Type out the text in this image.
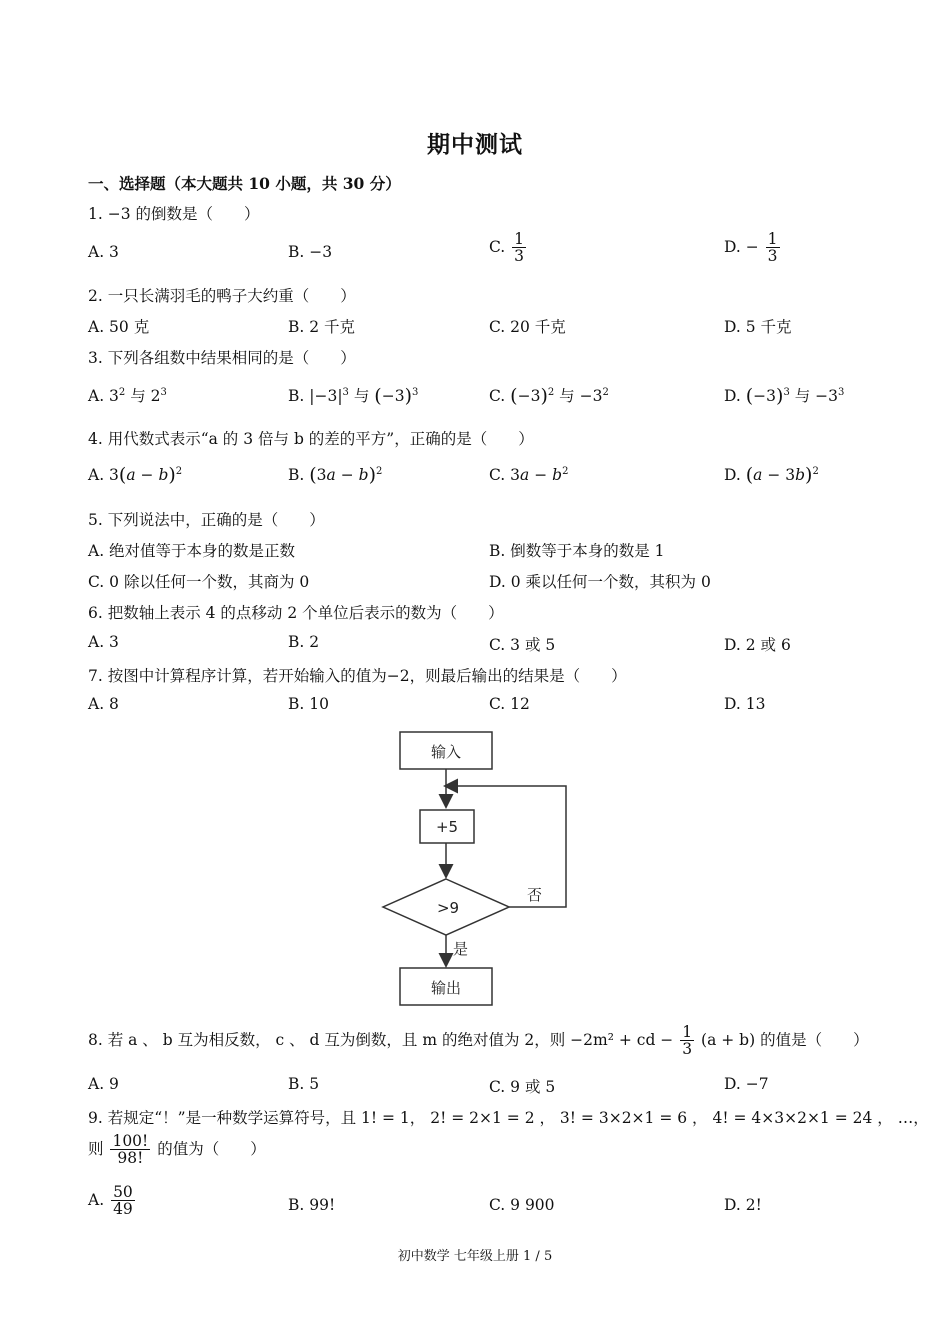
期中测试
一、选择题（本大题共 10 小题，共 30 分）
1. −3 的倒数是（　　）
A. 3	B. −3	C. $\frac{1}{3}$	D. − $\frac{1}{3}$
2. 一只长满羽毛的鸭子大约重（　　）
A. 50 克	B. 2 千克	C. 20 千克	D. 5 千克
3. 下列各组数中结果相同的是（　　）
A. $3^2$ 与 $2^3$	B. $|-3|^3$ 与 $(-3)^3$	C. $(-3)^2$ 与 $-3^2$	D. $(-3)^3$ 与 $-3^3$
4. 用代数式表示“a 的 3 倍与 b 的差的平方”，正确的是（　　）
A. $3(a - b)^2$	B. $(3a - b)^2$	C. $3a - b^2$	D. $(a - 3b)^2$
5. 下列说法中，正确的是（　　）
A. 绝对值等于本身的数是正数	B. 倒数等于本身的数是 1
C. 0 除以任何一个数，其商为 0	D. 0 乘以任何一个数，其积为 0
6. 把数轴上表示 4 的点移动 2 个单位后表示的数为（　　）
A. 3	B. 2	C. 3 或 5	D. 2 或 6
7. 按图中计算程序计算，若开始输入的值为−2，则最后输出的结果是（　　）
A. 8	B. 10	C. 12	D. 13
输入
+5
>9
否
是
输出
8. 若 a 、 b 互为相反数， c 、 d 互为倒数，且 m 的绝对值为 2，则 −2m² + cd − $\frac{1}{3} (a + b)$ 的值是（　　）
A. 9	B. 5	C. 9 或 5	D. −7
9. 若规定“！”是一种数学运算符号，且 1! = 1， 2! = 2×1 = 2 ， 3! = 3×2×1 = 6 ， 4! = 4×3×2×1 = 24 ， …，
则 $\frac{100!}{98!}$ 的值为（　　）
A. $\frac{50}{49}$	B. 99!	C. 9 900	D. 2!
初中数学 七年级上册 1 / 5
